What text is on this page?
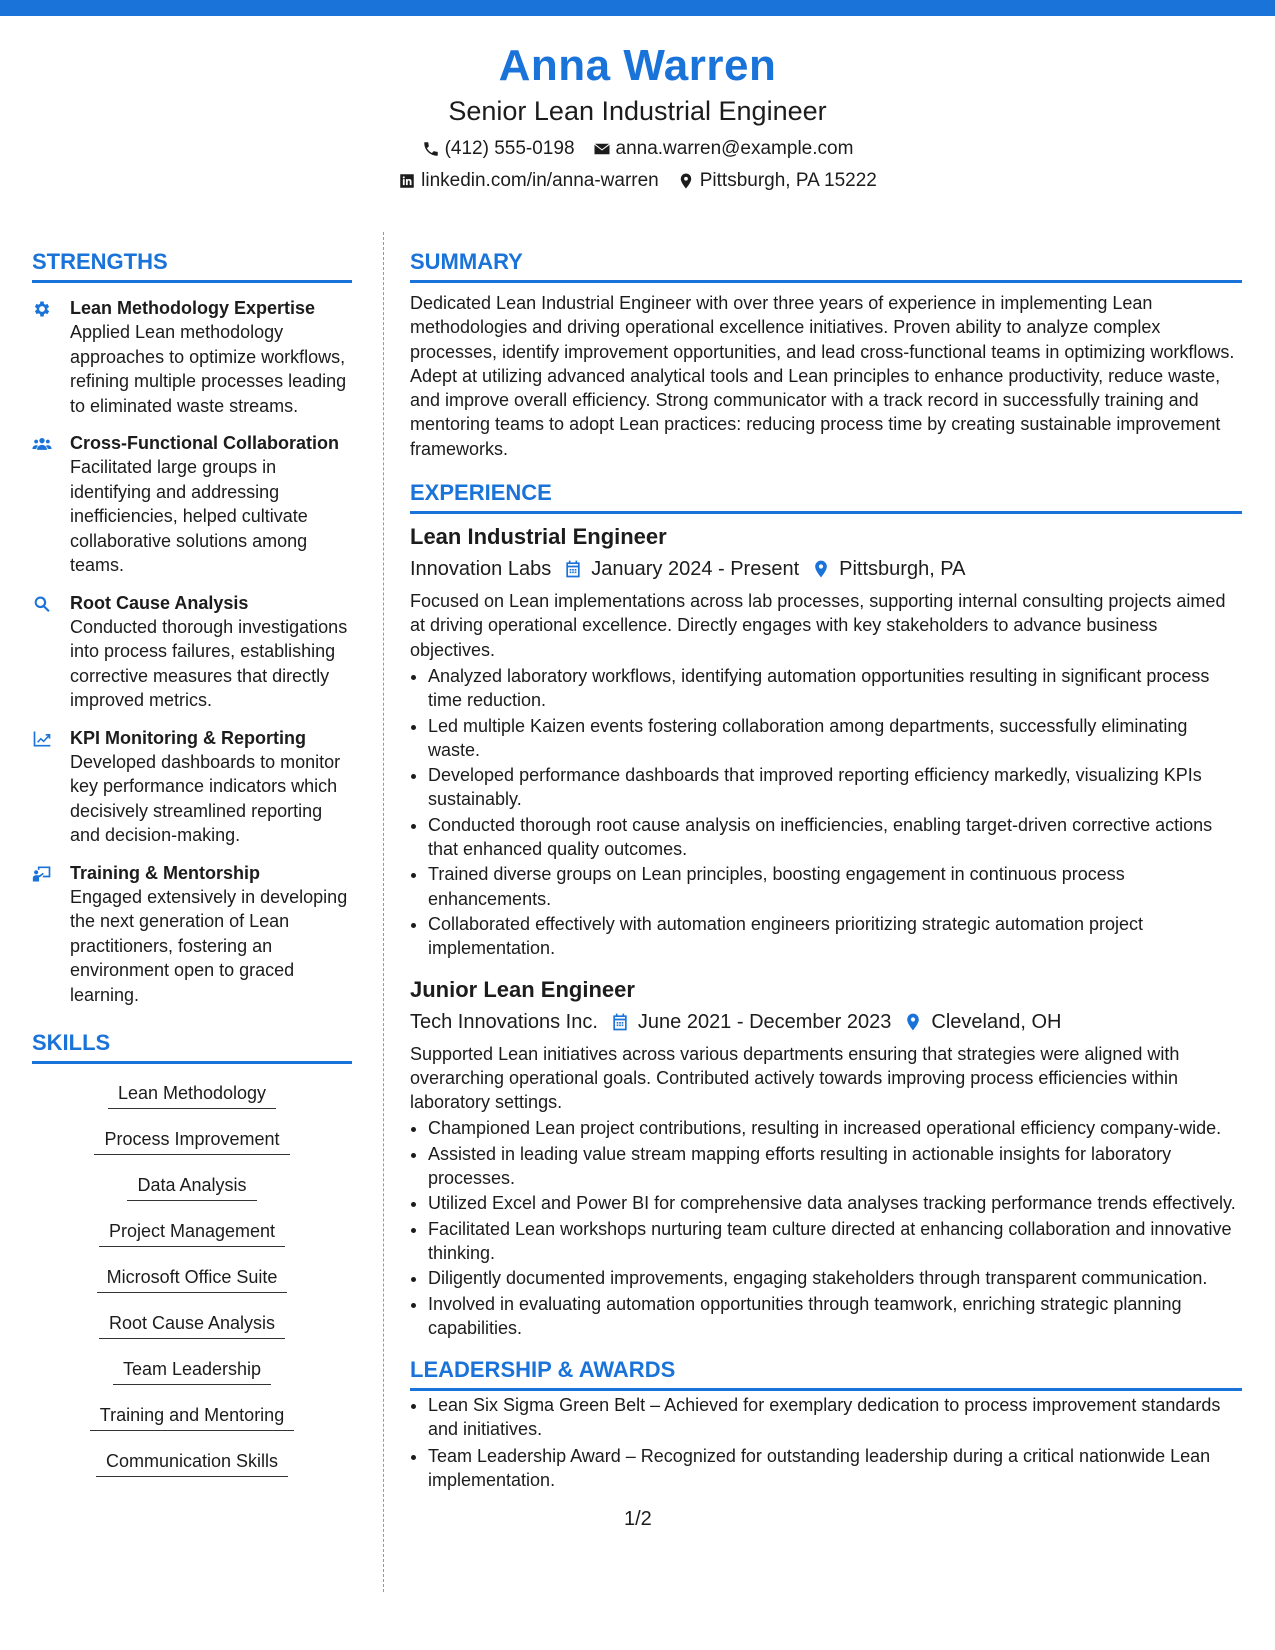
Anna Warren
Senior Lean Industrial Engineer
(412) 555-0198 anna.warren@example.com
linkedin.com/in/anna-warren Pittsburgh, PA 15222
STRENGTHS
Lean Methodology Expertise
Applied Lean methodology approaches to optimize workflows, refining multiple processes leading to eliminated waste streams.
Cross-Functional Collaboration
Facilitated large groups in identifying and addressing inefficiencies, helped cultivate collaborative solutions among teams.
Root Cause Analysis
Conducted thorough investigations into process failures, establishing corrective measures that directly improved metrics.
KPI Monitoring & Reporting
Developed dashboards to monitor key performance indicators which decisively streamlined reporting and decision-making.
Training & Mentorship
Engaged extensively in developing the next generation of Lean practitioners, fostering an environment open to graced learning.
SKILLS
Lean Methodology
Process Improvement
Data Analysis
Project Management
Microsoft Office Suite
Root Cause Analysis
Team Leadership
Training and Mentoring
Communication Skills
SUMMARY
Dedicated Lean Industrial Engineer with over three years of experience in implementing Lean methodologies and driving operational excellence initiatives. Proven ability to analyze complex processes, identify improvement opportunities, and lead cross-functional teams in optimizing workflows. Adept at utilizing advanced analytical tools and Lean principles to enhance productivity, reduce waste, and improve overall efficiency. Strong communicator with a track record in successfully training and mentoring teams to adopt Lean practices: reducing process time by creating sustainable improvement frameworks.
EXPERIENCE
Lean Industrial Engineer
Innovation Labs January 2024 - Present Pittsburgh, PA
Focused on Lean implementations across lab processes, supporting internal consulting projects aimed at driving operational excellence. Directly engages with key stakeholders to advance business objectives.
• Analyzed laboratory workflows, identifying automation opportunities resulting in significant process time reduction.
• Led multiple Kaizen events fostering collaboration among departments, successfully eliminating waste.
• Developed performance dashboards that improved reporting efficiency markedly, visualizing KPIs sustainably.
• Conducted thorough root cause analysis on inefficiencies, enabling target-driven corrective actions that enhanced quality outcomes.
• Trained diverse groups on Lean principles, boosting engagement in continuous process enhancements.
• Collaborated effectively with automation engineers prioritizing strategic automation project implementation.
Junior Lean Engineer
Tech Innovations Inc. June 2021 - December 2023 Cleveland, OH
Supported Lean initiatives across various departments ensuring that strategies were aligned with overarching operational goals. Contributed actively towards improving process efficiencies within laboratory settings.
• Championed Lean project contributions, resulting in increased operational efficiency company-wide.
• Assisted in leading value stream mapping efforts resulting in actionable insights for laboratory processes.
• Utilized Excel and Power BI for comprehensive data analyses tracking performance trends effectively.
• Facilitated Lean workshops nurturing team culture directed at enhancing collaboration and innovative thinking.
• Diligently documented improvements, engaging stakeholders through transparent communication.
• Involved in evaluating automation opportunities through teamwork, enriching strategic planning capabilities.
LEADERSHIP & AWARDS
• Lean Six Sigma Green Belt – Achieved for exemplary dedication to process improvement standards and initiatives.
• Team Leadership Award – Recognized for outstanding leadership during a critical nationwide Lean implementation.
1/2
